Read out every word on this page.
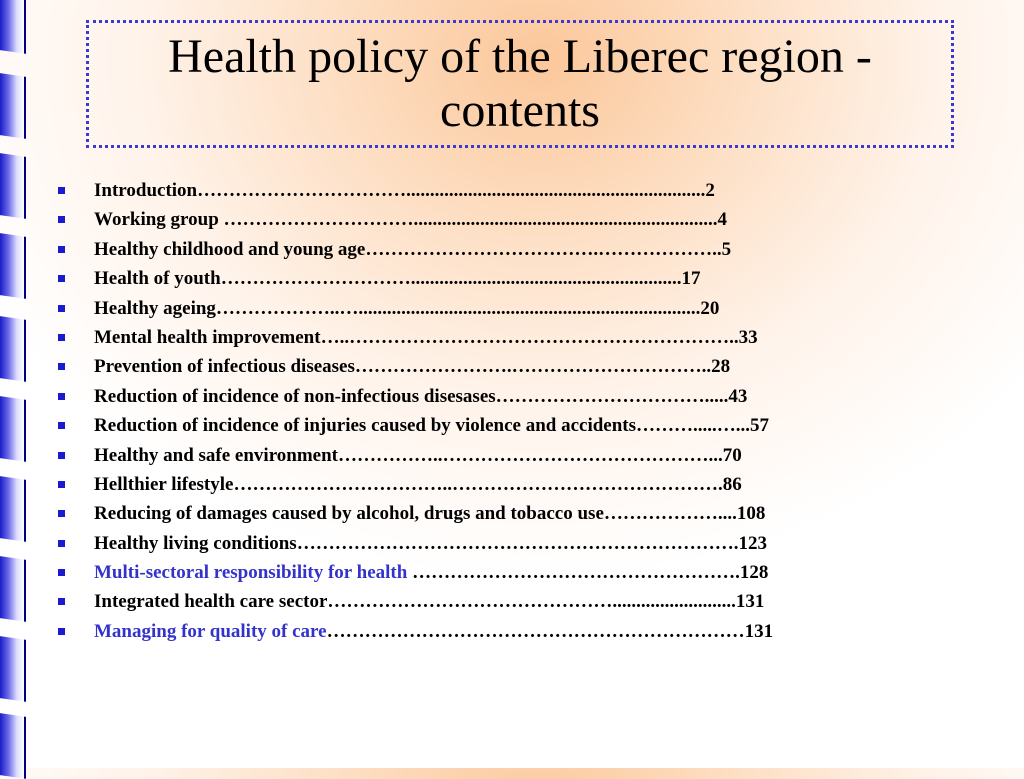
Health policy of the Liberec region -
contents
Introduction……………………………...............................................................2
Working group …………………………................................................................4
Healthy childhood and young age……………………………….………………..5
Health of youth………………………….........................................................17
Healthy ageing………………..…........................................................................20
Mental health improvement…..……………………………………………………..33
Prevention of infectious diseases…………………….…………………………..28
Reduction of incidence of non-infectious disesases…………………………….....43
Reduction of incidence of injuries caused by violence and accidents……….....…...57
Healthy and safe environment……………..……………………………………...70
Hellthier lifestyle……………………………..…………………………………….86
Reducing of damages caused by alcohol, drugs and tobacco use………………....108
Healthy living conditions…………………………………………………………….123
Multi-sectoral responsibility for health …………………………………………….128
Integrated health care sector………………………………………..........................131
Managing for quality of care…………………………………………………………131
